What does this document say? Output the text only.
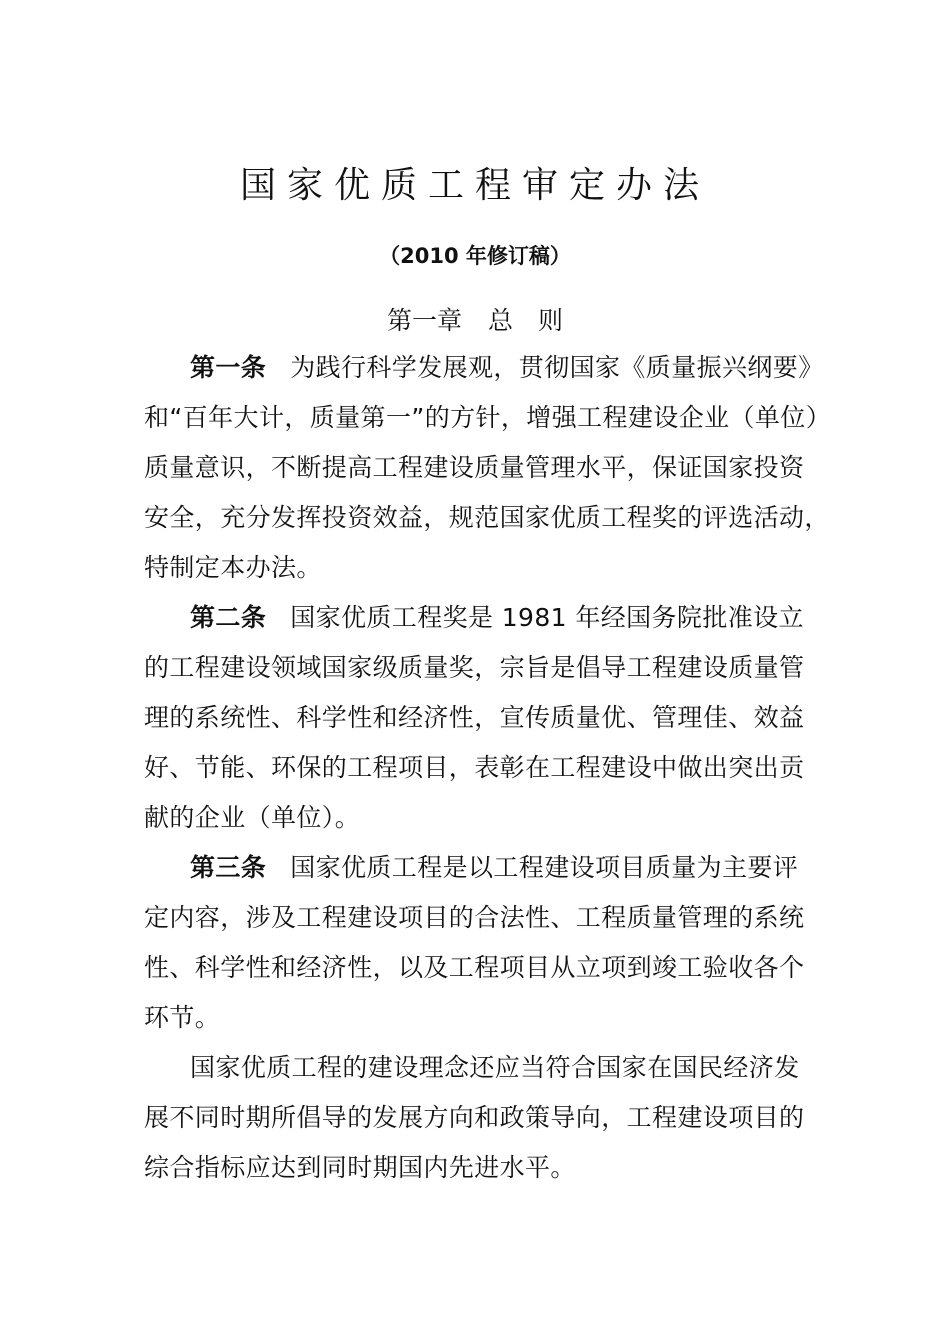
国家优质工程审定办法
（2010 年修订稿）
第一章 总　则
第一条 为践行科学发展观，贯彻国家《质量振兴纲要》
和“百年大计，质量第一”的方针，增强工程建设企业（单位）
质量意识，不断提高工程建设质量管理水平，保证国家投资
安全，充分发挥投资效益，规范国家优质工程奖的评选活动，
特制定本办法。
第二条 国家优质工程奖是 1981 年经国务院批准设立
的工程建设领域国家级质量奖，宗旨是倡导工程建设质量管
理的系统性、科学性和经济性，宣传质量优、管理佳、效益
好、节能、环保的工程项目，表彰在工程建设中做出突出贡
献的企业（单位）。
第三条 国家优质工程是以工程建设项目质量为主要评
定内容，涉及工程建设项目的合法性、工程质量管理的系统
性、科学性和经济性，以及工程项目从立项到竣工验收各个
环节。
国家优质工程的建设理念还应当符合国家在国民经济发
展不同时期所倡导的发展方向和政策导向，工程建设项目的
综合指标应达到同时期国内先进水平。
